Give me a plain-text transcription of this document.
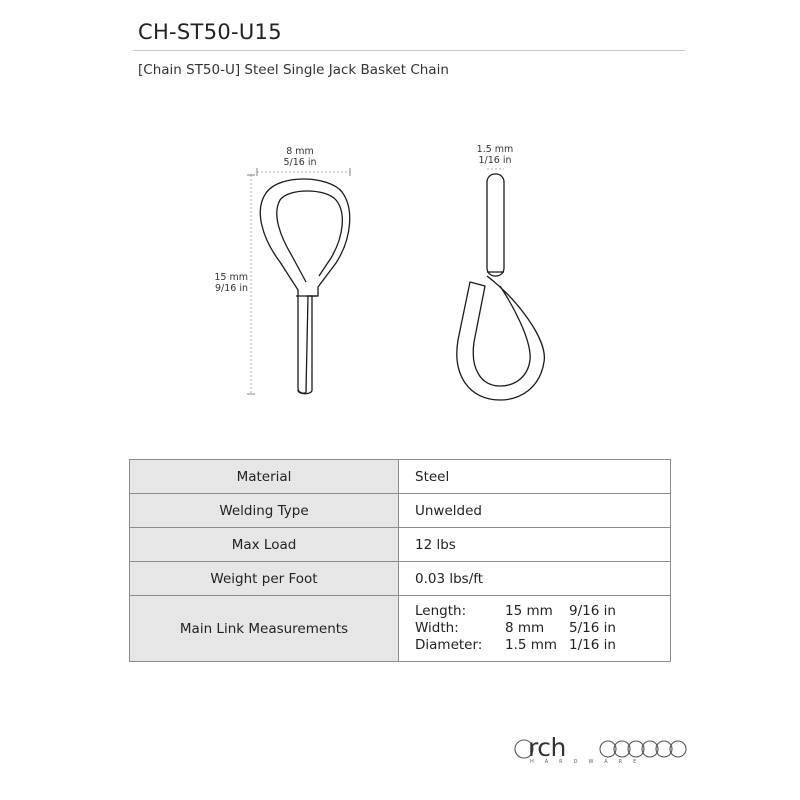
CH-ST50-U15
[Chain ST50-U] Steel Single Jack Basket Chain
8 mm
5/16 in
15 mm
9/16 in
1.5 mm
1/16 in
Material	Steel
Welding Type	Unwelded
Max Load	12 lbs
Weight per Foot	0.03 lbs/ft
Main Link Measurements	Length: 15 mm 9/16 in
Width: 8 mm 5/16 in
Diameter: 1.5 mm 1/16 in
rch
HARDWARE
